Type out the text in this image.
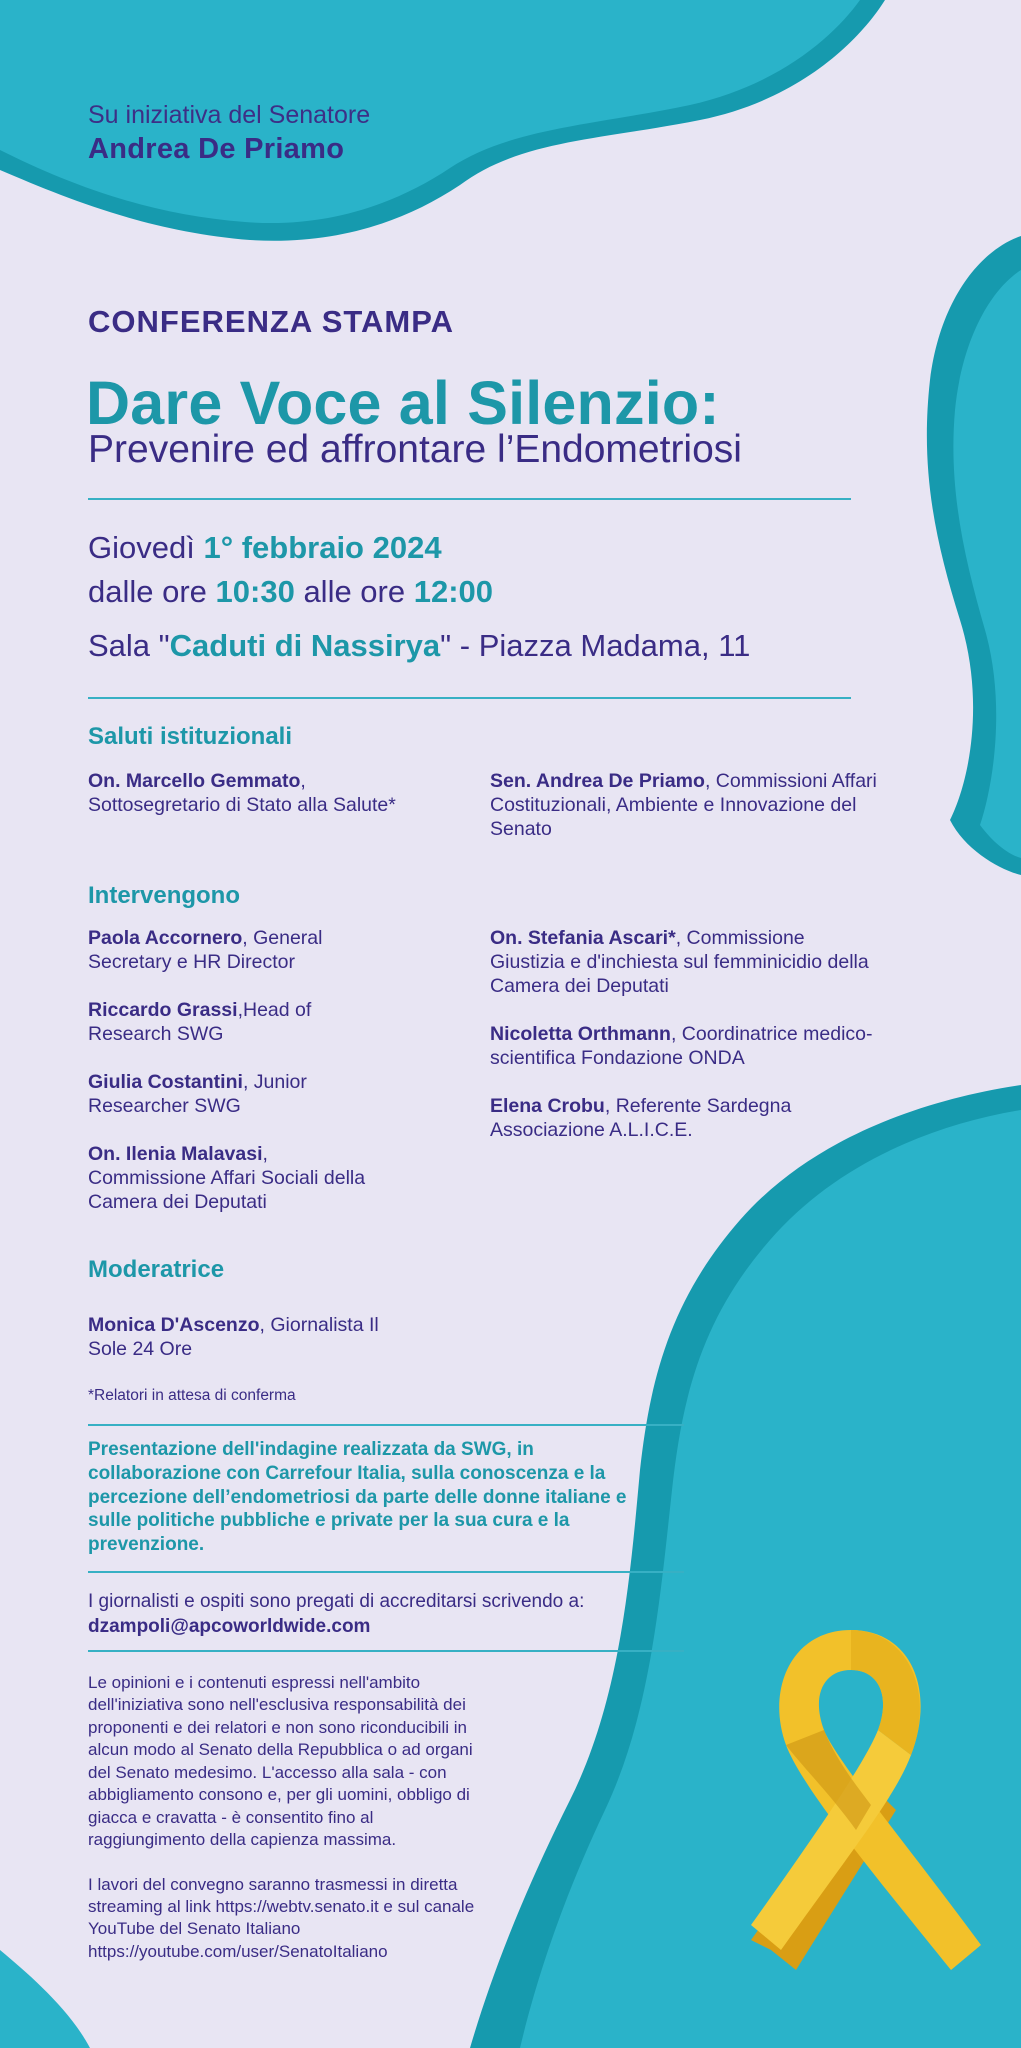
Su iniziativa del Senatore
Andrea De Priamo
CONFERENZA STAMPA
Dare Voce al Silenzio:
Prevenire ed affrontare l’Endometriosi
Giovedì 1° febbraio 2024
dalle ore 10:30 alle ore 12:00
Sala "Caduti di Nassirya" - Piazza Madama, 11
Saluti istituzionali
On. Marcello Gemmato, Sottosegretario di Stato alla Salute*
Sen. Andrea De Priamo, Commissioni Affari Costituzionali, Ambiente e Innovazione del Senato
Intervengono
Paola Accornero, General Secretary e HR Director
Riccardo Grassi,Head of Research SWG
Giulia Costantini, Junior Researcher SWG
On. Ilenia Malavasi, Commissione Affari Sociali della Camera dei Deputati
On. Stefania Ascari*, Commissione Giustizia e d'inchiesta sul femminicidio della Camera dei Deputati
Nicoletta Orthmann, Coordinatrice medico-scientifica Fondazione ONDA
Elena Crobu, Referente Sardegna Associazione A.L.I.C.E.
Moderatrice
Monica D'Ascenzo, Giornalista Il Sole 24 Ore
*Relatori in attesa di conferma
Presentazione dell'indagine realizzata da SWG, in collaborazione con Carrefour Italia, sulla conoscenza e la percezione dell’endometriosi da parte delle donne italiane e sulle politiche pubbliche e private per la sua cura e la prevenzione.
I giornalisti e ospiti sono pregati di accreditarsi scrivendo a:
dzampoli@apcoworldwide.com

Le opinioni e i contenuti espressi nell'ambito dell'iniziativa sono nell'esclusiva responsabilità dei proponenti e dei relatori e non sono riconducibili in alcun modo al Senato della Repubblica o ad organi del Senato medesimo. L'accesso alla sala - con abbigliamento consono e, per gli uomini, obbligo di giacca e cravatta - è consentito fino al raggiungimento della capienza massima.

I lavori del convegno saranno trasmessi in diretta streaming al link https://webtv.senato.it e sul canale YouTube del Senato Italiano https://youtube.com/user/SenatoItaliano
